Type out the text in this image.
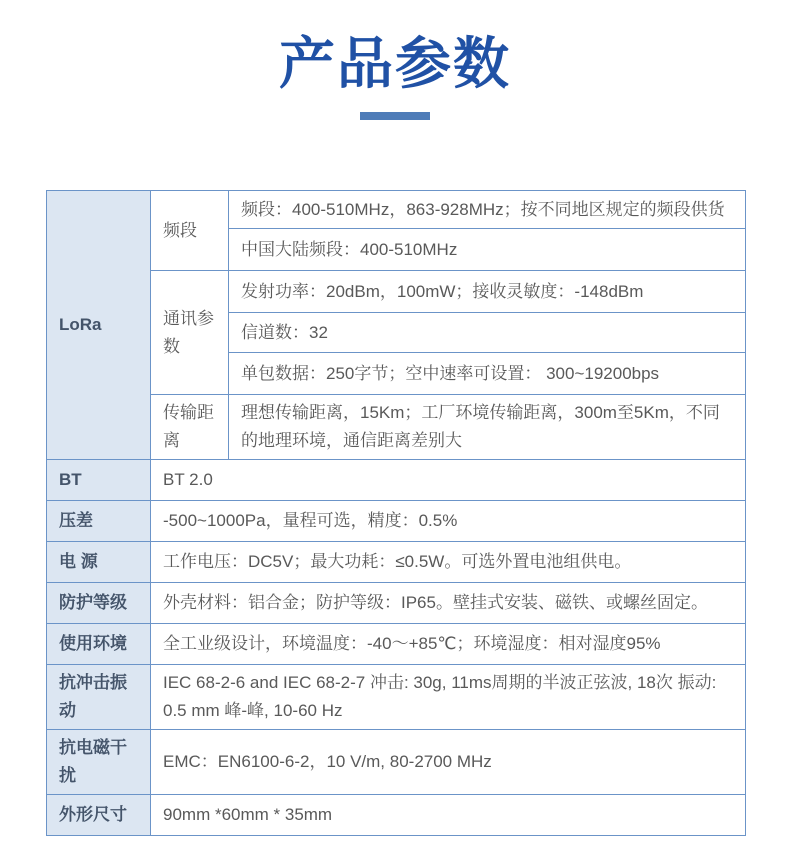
产品参数
LoRa	频段	频段：400-510MHz，863-928MHz；按不同地区规定的频段供货
		中国大陆频段：400-510MHz
	通讯参数	发射功率：20dBm，100mW；接收灵敏度：-148dBm
		信道数：32
		单包数据：250字节；空中速率可设置： 300~19200bps
	传输距离	理想传输距离，15Km；工厂环境传输距离，300m至5Km，不同的地理环境，通信距离差别大
BT	BT 2.0	
压差	-500~1000Pa，量程可选，精度：0.5%	
电 源	工作电压：DC5V；最大功耗：≤0.5W。可选外置电池组供电。	
防护等级	外壳材料：铝合金；防护等级：IP65。壁挂式安装、磁铁、或螺丝固定。	
使用环境	全工业级设计，环境温度：-40～+85℃；环境湿度：相对湿度95%	
抗冲击振动	IEC 68-2-6 and IEC 68-2-7 冲击: 30g, 11ms周期的半波正弦波, 18次 振动: 0.5 mm 峰-峰, 10-60 Hz	
抗电磁干扰	EMC：EN6100-6-2，10 V/m, 80-2700 MHz	
外形尺寸	90mm *60mm * 35mm	
